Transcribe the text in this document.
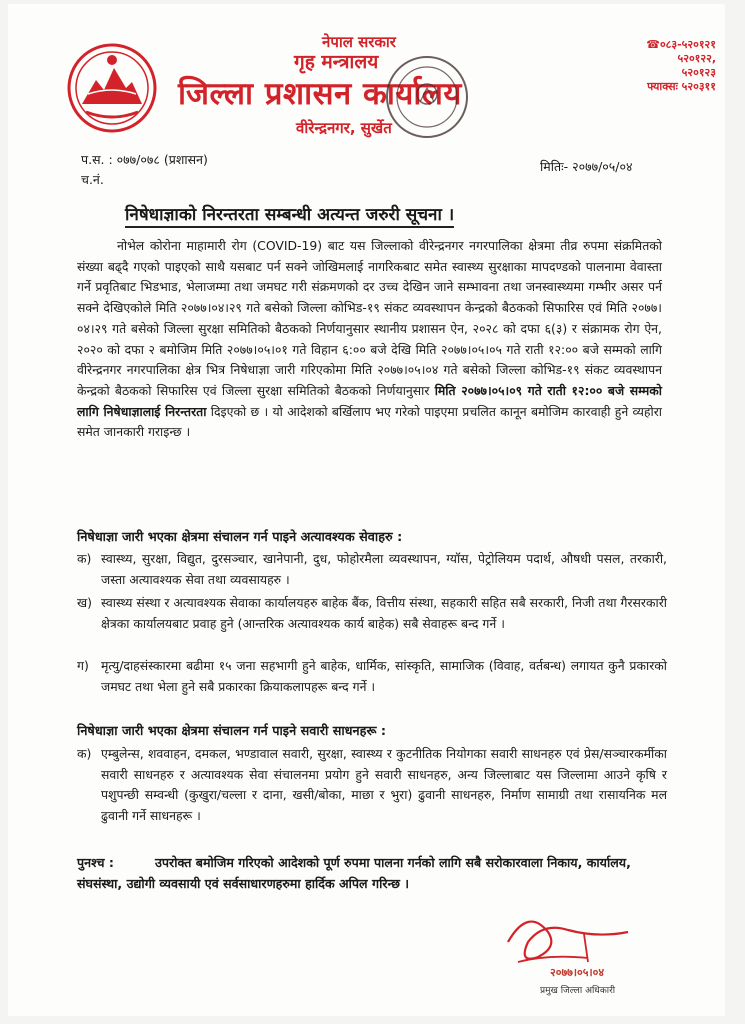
नेपाल सरकार
गृह मन्त्रालय
जिल्ला प्रशासन कार्यालय
वीरेन्द्रनगर, सुर्खेत
☎०८३-५२०१२१
५२०१२२,
५२०१२३
फ्याक्सः ५२०३११
प.स. : ०७७/०७८ (प्रशासन)
च.नं.
मितिः- २०७७/०५/०४
निषेधाज्ञाको निरन्तरता सम्बन्धी अत्यन्त जरुरी सूचना ।
नोभेल कोरोना माहामारी रोग (COVID-19) बाट यस जिल्लाको वीरेन्द्रनगर नगरपालिका क्षेत्रमा तीव्र रुपमा संक्रमितको संख्या बढ्दै गएको पाइएको साथै यसबाट पर्न सक्ने जोखिमलाई नागरिकबाट समेत स्वास्थ्य सुरक्षाका मापदण्डको पालनामा वेवास्ता गर्ने प्रवृतिबाट भिडभाड, भेलाजम्मा तथा जमघट गरी संक्रमणको दर उच्च देखिन जाने सम्भावना तथा जनस्वास्थ्यमा गम्भीर असर पर्न सक्ने देखिएकोले मिति २०७७।०४।२९ गते बसेको जिल्ला कोभिड-१९ संकट व्यवस्थापन केन्द्रको बैठकको सिफारिस एवं मिति २०७७।०४।२९ गते बसेको जिल्ला सुरक्षा समितिको बैठकको निर्णयानुसार स्थानीय प्रशासन ऐन, २०२८ को दफा ६(३) र संक्रामक रोग ऐन, २०२० को दफा २ बमोजिम मिति २०७७।०५।०१ गते विहान ६:०० बजे देखि मिति २०७७।०५।०५ गते राती १२:०० बजे सम्मको लागि वीरेन्द्रनगर नगरपालिका क्षेत्र भित्र निषेधाज्ञा जारी गरिएकोमा मिति २०७७।०५।०४ गते बसेको जिल्ला कोभिड-१९ संकट व्यवस्थापन केन्द्रको बैठकको सिफारिस एवं जिल्ला सुरक्षा समितिको बैठकको निर्णयानुसार मिति २०७७।०५।०९ गते राती १२:०० बजे सम्मको लागि निषेधाज्ञालाई निरन्तरता दिइएको छ । यो आदेशको बर्खिलाप भए गरेको पाइएमा प्रचलित कानून बमोजिम कारवाही हुने व्यहोरा समेत जानकारी गराइन्छ ।
निषेधाज्ञा जारी भएका क्षेत्रमा संचालन गर्न पाइने अत्यावश्यक सेवाहरु :
क) स्वास्थ्य, सुरक्षा, विद्युत, दुरसञ्चार, खानेपानी, दुध, फोहोरमैला व्यवस्थापन, ग्यॉस, पेट्रोलियम पदार्थ, औषधी पसल, तरकारी, जस्ता अत्यावश्यक सेवा तथा व्यवसायहरु ।
ख) स्वास्थ्य संस्था र अत्यावश्यक सेवाका कार्यालयहरु बाहेक बैंक, वित्तीय संस्था, सहकारी सहित सबै सरकारी, निजी तथा गैरसरकारी क्षेत्रका कार्यालयबाट प्रवाह हुने (आन्तरिक अत्यावश्यक कार्य बाहेक) सबै सेवाहरू बन्द गर्ने ।
ग) मृत्यु/दाहसंस्कारमा बढीमा १५ जना सहभागी हुने बाहेक, धार्मिक, सांस्कृति, सामाजिक (विवाह, वर्तबन्ध) लगायत कुनै प्रकारको जमघट तथा भेला हुने सबै प्रकारका क्रियाकलापहरू बन्द गर्ने ।
निषेधाज्ञा जारी भएका क्षेत्रमा संचालन गर्न पाइने सवारी साधनहरू :
क) एम्बुलेन्स, शववाहन, दमकल, भण्डावाल सवारी, सुरक्षा, स्वास्थ्य र कुटनीतिक नियोगका सवारी साधनहरु एवं प्रेस/सञ्चारकर्मीका सवारी साधनहरु र अत्यावश्यक सेवा संचालनमा प्रयोग हुने सवारी साधनहरु, अन्य जिल्लाबाट यस जिल्लामा आउने कृषि र पशुपन्छी सम्वन्धी (कुखुरा/चल्ला र दाना, खसी/बोका, माछा र भुरा) ढुवानी साधनहरु, निर्माण सामाग्री तथा रासायनिक मल ढुवानी गर्ने साधनहरू ।
पुनश्च :	उपरोक्त बमोजिम गरिएको आदेशको पूर्ण रुपमा पालना गर्नको लागि सबै सरोकारवाला निकाय, कार्यालय, संघसंस्था, उद्योगी व्यवसायी एवं सर्वसाधारणहरुमा हार्दिक अपिल गरिन्छ ।
२०७७।०५।०४
प्रमुख जिल्ला अधिकारी
